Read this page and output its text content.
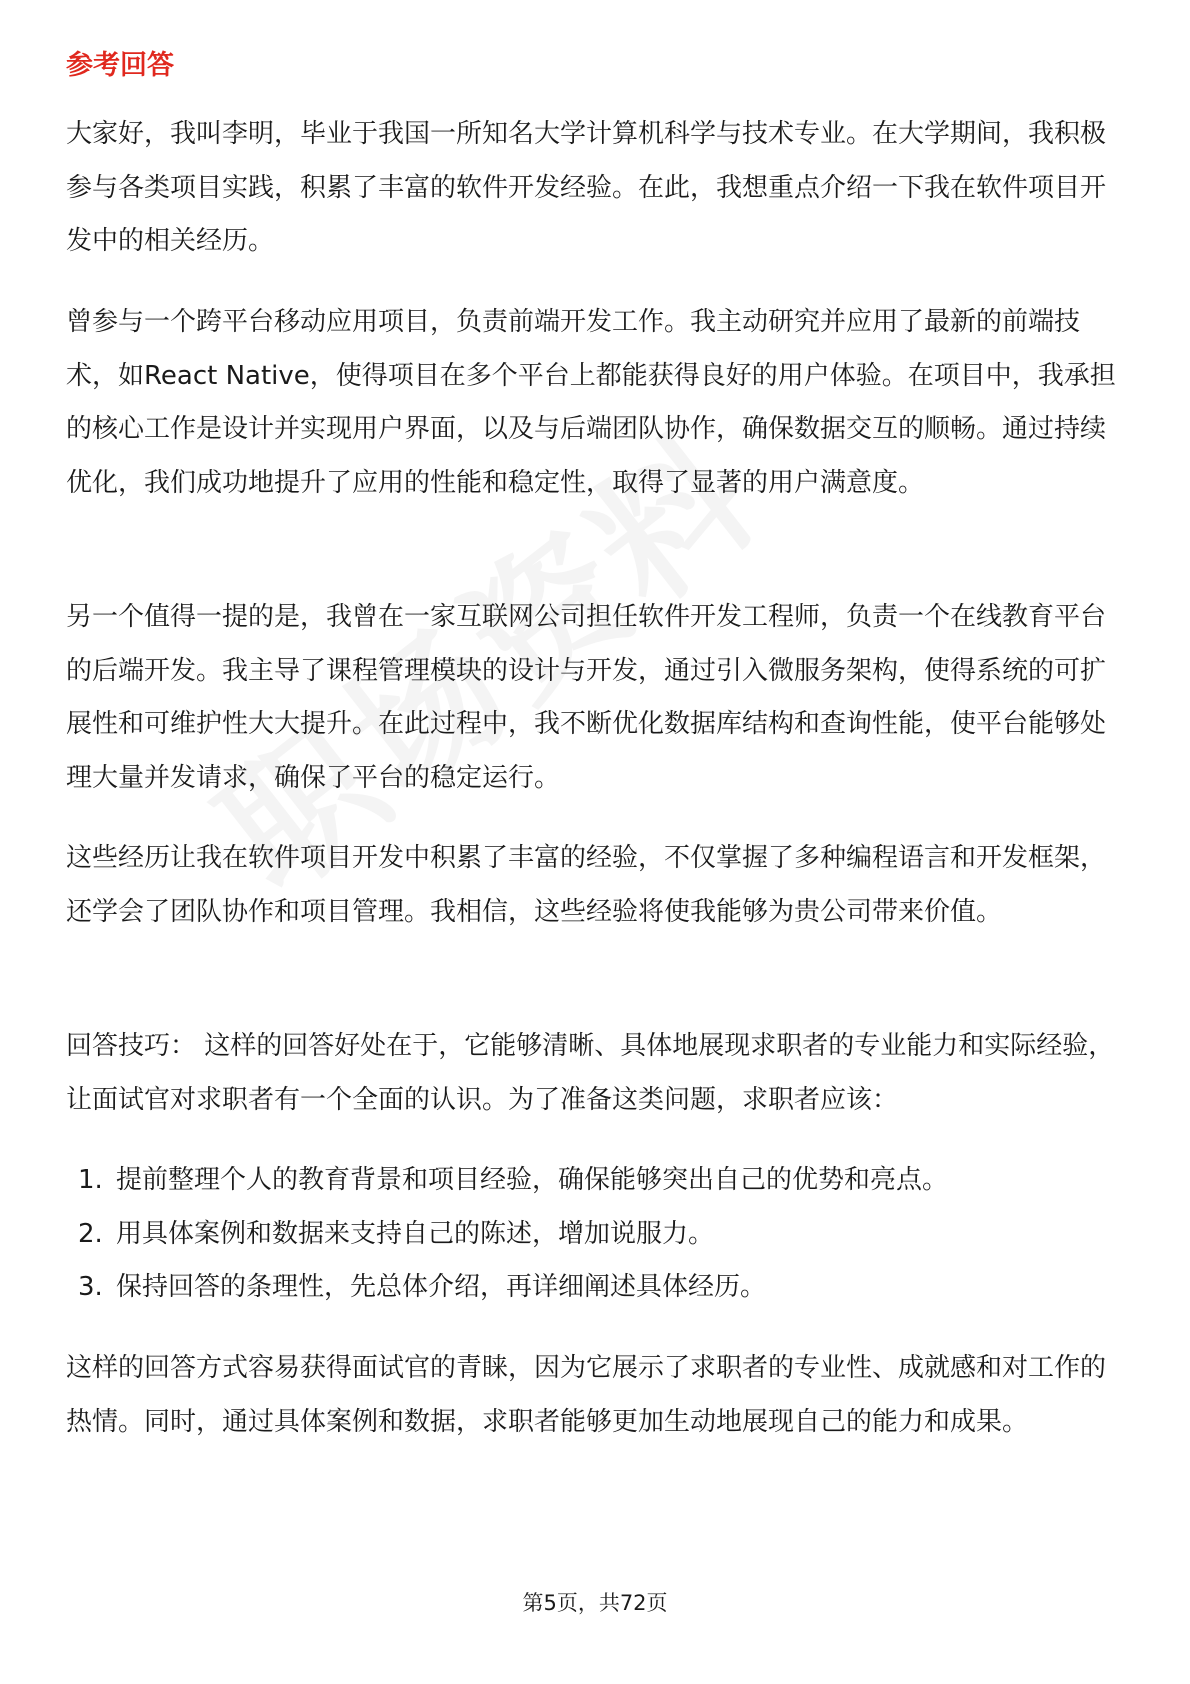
参考回答

大家好，我叫李明，毕业于我国一所知名大学计算机科学与技术专业。在大学期间，我积极参与各类项目实践，积累了丰富的软件开发经验。在此，我想重点介绍一下我在软件项目开发中的相关经历。

曾参与一个跨平台移动应用项目，负责前端开发工作。我主动研究并应用了最新的前端技术，如React Native，使得项目在多个平台上都能获得良好的用户体验。在项目中，我承担的核心工作是设计并实现用户界面，以及与后端团队协作，确保数据交互的顺畅。通过持续优化，我们成功地提升了应用的性能和稳定性，取得了显著的用户满意度。

另一个值得一提的是，我曾在一家互联网公司担任软件开发工程师，负责一个在线教育平台的后端开发。我主导了课程管理模块的设计与开发，通过引入微服务架构，使得系统的可扩展性和可维护性大大提升。在此过程中，我不断优化数据库结构和查询性能，使平台能够处理大量并发请求，确保了平台的稳定运行。

这些经历让我在软件项目开发中积累了丰富的经验，不仅掌握了多种编程语言和开发框架，还学会了团队协作和项目管理。我相信，这些经验将使我能够为贵公司带来价值。

回答技巧： 这样的回答好处在于，它能够清晰、具体地展现求职者的专业能力和实际经验，让面试官对求职者有一个全面的认识。为了准备这类问题，求职者应该：

1. 提前整理个人的教育背景和项目经验，确保能够突出自己的优势和亮点。
2. 用具体案例和数据来支持自己的陈述，增加说服力。
3. 保持回答的条理性，先总体介绍，再详细阐述具体经历。

这样的回答方式容易获得面试官的青睐，因为它展示了求职者的专业性、成就感和对工作的热情。同时，通过具体案例和数据，求职者能够更加生动地展现自己的能力和成果。

第5页，共72页
